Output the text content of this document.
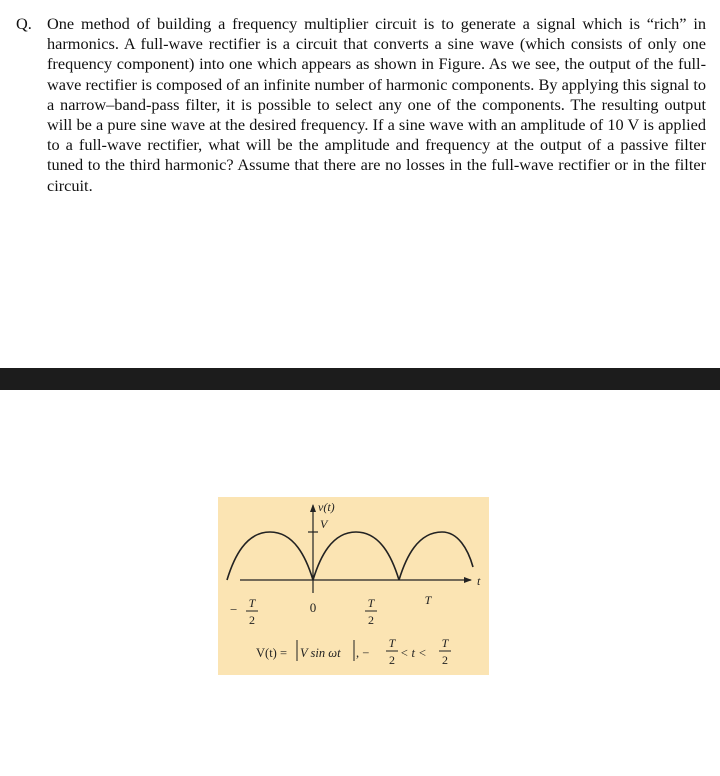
Q. One method of building a frequency multiplier circuit is to generate a signal which is “rich” in harmonics. A full-wave rectifier is a circuit that converts a sine wave (which consists of only one frequency component) into one which appears as shown in Figure. As we see, the output of the full-wave rectifier is composed of an infinite number of harmonic components. By applying this signal to a narrow–band-pass filter, it is possible to select any one of the components. The resulting output will be a pure sine wave at the desired frequency. If a sine wave with an amplitude of 10 V is applied to a full-wave rectifier, what will be the amplitude and frequency at the output of a passive filter tuned to the third harmonic? Assume that there are no losses in the full-wave rectifier or in the filter circuit.
t
v(t)
V
− T
2
0	T
2
T
V(t) = V sin ωt , −
T
2 < t <
T
2
